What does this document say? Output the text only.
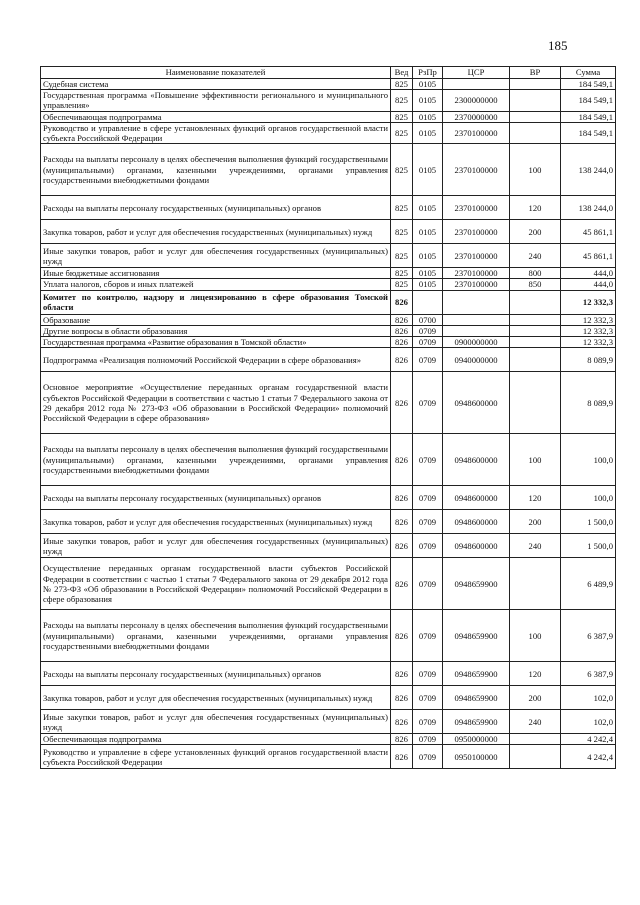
185
Наименование показателей	Вед	РзПр	ЦСР	ВР	Сумма
Судебная система	825	0105			184 549,1
Государственная программа «Повышение эффективности регионального и муниципального управления»	825	0105	2300000000		184 549,1
Обеспечивающая подпрограмма	825	0105	2370000000		184 549,1
Руководство и управление в сфере установленных функций органов государственной власти субъекта Российской Федерации	825	0105	2370100000		184 549,1
Расходы на выплаты персоналу в целях обеспечения выполнения функций государственными (муниципальными) органами, казенными учреждениями, органами управления государственными внебюджетными фондами	825	0105	2370100000	100	138 244,0
Расходы на выплаты персоналу государственных (муниципальных) органов	825	0105	2370100000	120	138 244,0
Закупка товаров, работ и услуг для обеспечения государственных (муниципальных) нужд	825	0105	2370100000	200	45 861,1
Иные закупки товаров, работ и услуг для обеспечения государственных (муниципальных) нужд	825	0105	2370100000	240	45 861,1
Иные бюджетные ассигнования	825	0105	2370100000	800	444,0
Уплата налогов, сборов и иных платежей	825	0105	2370100000	850	444,0
Комитет по контролю, надзору и лицензированию в сфере образования Томской области	826				12 332,3
Образование	826	0700			12 332,3
Другие вопросы в области образования	826	0709			12 332,3
Государственная программа «Развитие образования в Томской области»	826	0709	0900000000		12 332,3
Подпрограмма «Реализация полномочий Российской Федерации в сфере образования»	826	0709	0940000000		8 089,9
Основное мероприятие «Осуществление переданных органам государственной власти субъектов Российской Федерации в соответствии с частью 1 статьи 7 Федерального закона от 29 декабря 2012 года № 273-ФЗ «Об образовании в Российской Федерации» полномочий Российской Федерации в сфере образования»	826	0709	0948600000		8 089,9
Расходы на выплаты персоналу в целях обеспечения выполнения функций государственными (муниципальными) органами, казенными учреждениями, органами управления государственными внебюджетными фондами	826	0709	0948600000	100	100,0
Расходы на выплаты персоналу государственных (муниципальных) органов	826	0709	0948600000	120	100,0
Закупка товаров, работ и услуг для обеспечения государственных (муниципальных) нужд	826	0709	0948600000	200	1 500,0
Иные закупки товаров, работ и услуг для обеспечения государственных (муниципальных) нужд	826	0709	0948600000	240	1 500,0
Осуществление переданных органам государственной власти субъектов Российской Федерации в соответствии с частью 1 статьи 7 Федерального закона от 29 декабря 2012 года № 273-ФЗ «Об образовании в Российской Федерации» полномочий Российской Федерации в сфере образования	826	0709	0948659900		6 489,9
Расходы на выплаты персоналу в целях обеспечения выполнения функций государственными (муниципальными) органами, казенными учреждениями, органами управления государственными внебюджетными фондами	826	0709	0948659900	100	6 387,9
Расходы на выплаты персоналу государственных (муниципальных) органов	826	0709	0948659900	120	6 387,9
Закупка товаров, работ и услуг для обеспечения государственных (муниципальных) нужд	826	0709	0948659900	200	102,0
Иные закупки товаров, работ и услуг для обеспечения государственных (муниципальных) нужд	826	0709	0948659900	240	102,0
Обеспечивающая подпрограмма	826	0709	0950000000		4 242,4
Руководство и управление в сфере установленных функций органов государственной власти субъекта Российской Федерации	826	0709	0950100000		4 242,4
